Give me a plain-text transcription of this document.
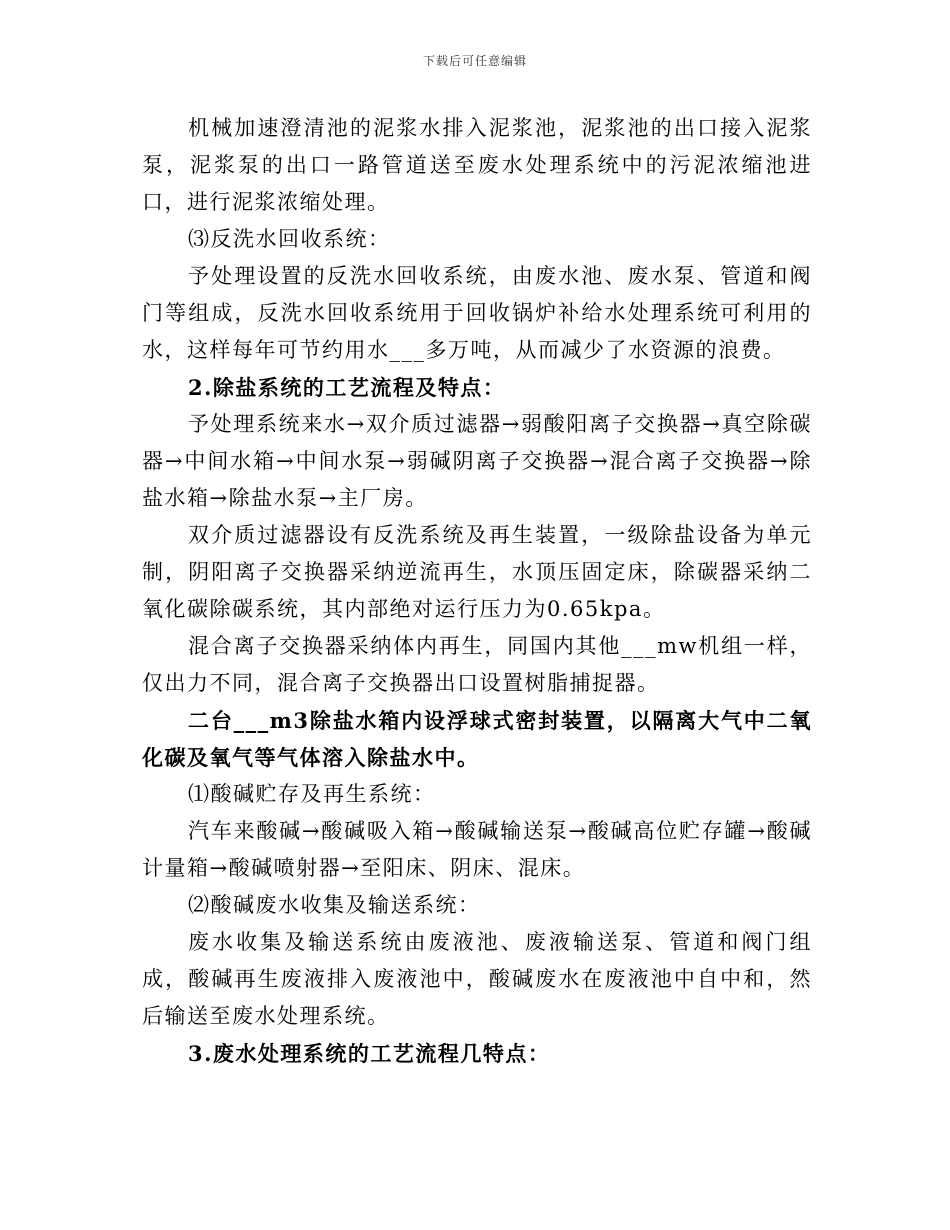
下载后可任意编辑

机械加速澄清池的泥浆水排入泥浆池，泥浆池的出口接入泥浆泵，泥浆泵的出口一路管道送至废水处理系统中的污泥浓缩池进口，进行泥浆浓缩处理。

⑶反洗水回收系统：

予处理设置的反洗水回收系统，由废水池、废水泵、管道和阀门等组成，反洗水回收系统用于回收锅炉补给水处理系统可利用的水，这样每年可节约用水___多万吨，从而减少了水资源的浪费。

2.除盐系统的工艺流程及特点：

予处理系统来水→双介质过滤器→弱酸阳离子交换器→真空除碳器→中间水箱→中间水泵→弱碱阴离子交换器→混合离子交换器→除盐水箱→除盐水泵→主厂房。

双介质过滤器设有反洗系统及再生装置，一级除盐设备为单元制，阴阳离子交换器采纳逆流再生，水顶压固定床，除碳器采纳二氧化碳除碳系统，其内部绝对运行压力为0.65kpa。

混合离子交换器采纳体内再生，同国内其他___mw机组一样，仅出力不同，混合离子交换器出口设置树脂捕捉器。

二台___m3除盐水箱内设浮球式密封装置，以隔离大气中二氧化碳及氧气等气体溶入除盐水中。

⑴酸碱贮存及再生系统：

汽车来酸碱→酸碱吸入箱→酸碱输送泵→酸碱高位贮存罐→酸碱计量箱→酸碱喷射器→至阳床、阴床、混床。

⑵酸碱废水收集及输送系统：

废水收集及输送系统由废液池、废液输送泵、管道和阀门组成，酸碱再生废液排入废液池中，酸碱废水在废液池中自中和，然后输送至废水处理系统。

3.废水处理系统的工艺流程几特点：
